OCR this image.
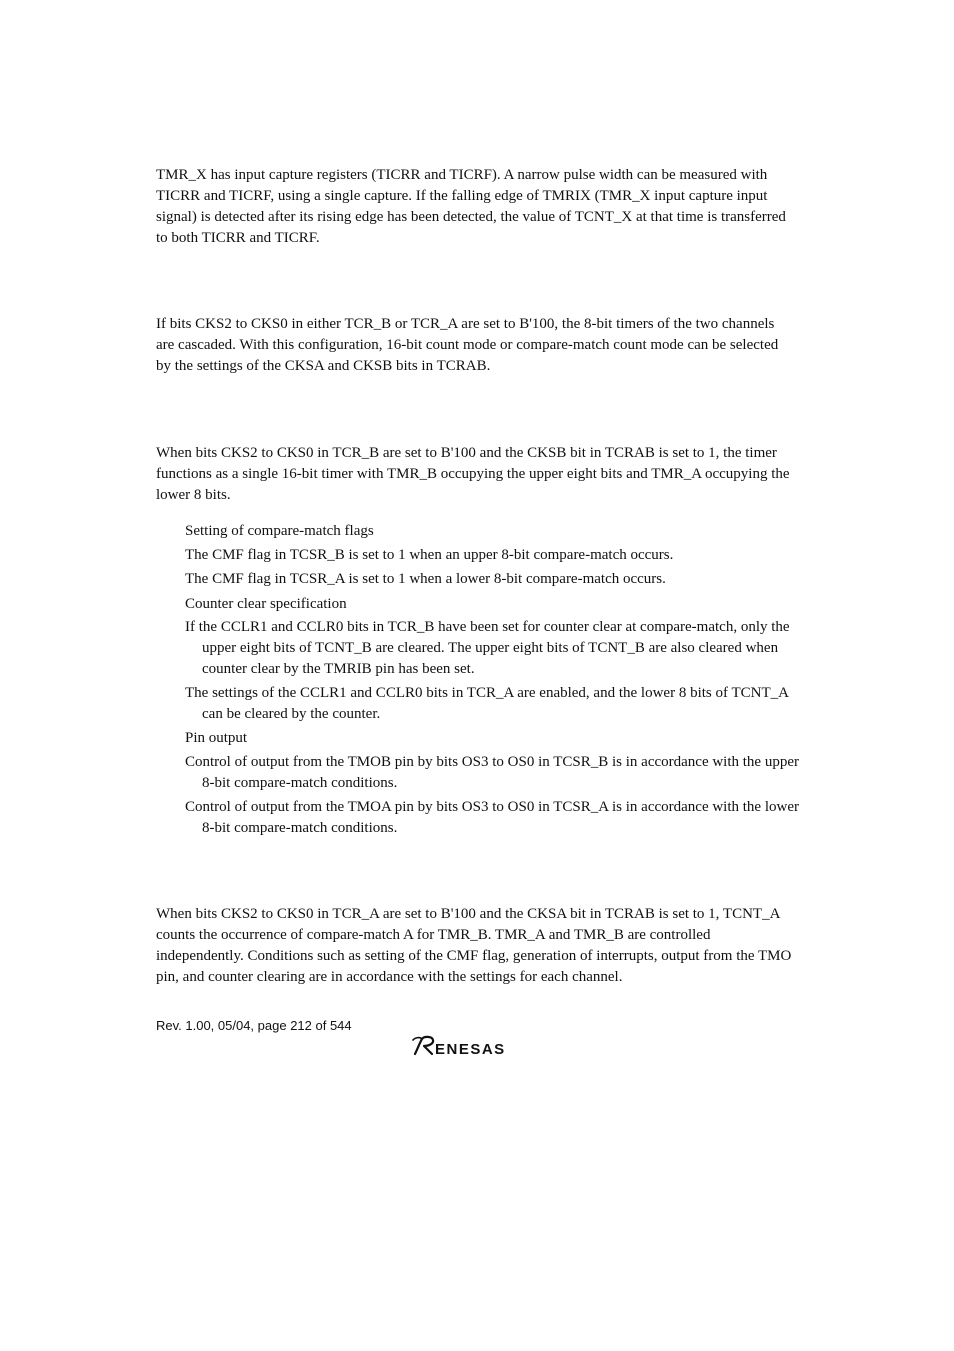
TMR_X has input capture registers (TICRR and TICRF). A narrow pulse width can be measured with TICRR and TICRF, using a single capture. If the falling edge of TMRIX (TMR_X input capture input signal) is detected after its rising edge has been detected, the value of TCNT_X at that time is transferred to both TICRR and TICRF.

If bits CKS2 to CKS0 in either TCR_B or TCR_A are set to B'100, the 8-bit timers of the two channels are cascaded. With this configuration, 16-bit count mode or compare-match count mode can be selected by the settings of the CKSA and CKSB bits in TCRAB.

When bits CKS2 to CKS0 in TCR_B are set to B'100 and the CKSB bit in TCRAB is set to 1, the timer functions as a single 16-bit timer with TMR_B occupying the upper eight bits and TMR_A occupying the lower 8 bits.

Setting of compare-match flags

The CMF flag in TCSR_B is set to 1 when an upper 8-bit compare-match occurs.

The CMF flag in TCSR_A is set to 1 when a lower 8-bit compare-match occurs.

Counter clear specification

If the CCLR1 and CCLR0 bits in TCR_B have been set for counter clear at compare-match, only the upper eight bits of TCNT_B are cleared. The upper eight bits of TCNT_B are also cleared when counter clear by the TMRIB pin has been set.

The settings of the CCLR1 and CCLR0 bits in TCR_A are enabled, and the lower 8 bits of TCNT_A can be cleared by the counter.

Pin output

Control of output from the TMOB pin by bits OS3 to OS0 in TCSR_B is in accordance with the upper 8-bit compare-match conditions.

Control of output from the TMOA pin by bits OS3 to OS0 in TCSR_A is in accordance with the lower 8-bit compare-match conditions.

When bits CKS2 to CKS0 in TCR_A are set to B'100 and the CKSA bit in TCRAB is set to 1, TCNT_A counts the occurrence of compare-match A for TMR_B. TMR_A and TMR_B are controlled independently. Conditions such as setting of the CMF flag, generation of interrupts, output from the TMO pin, and counter clearing are in accordance with the settings for each channel.

Rev. 1.00, 05/04, page 212 of 544

ENESAS
